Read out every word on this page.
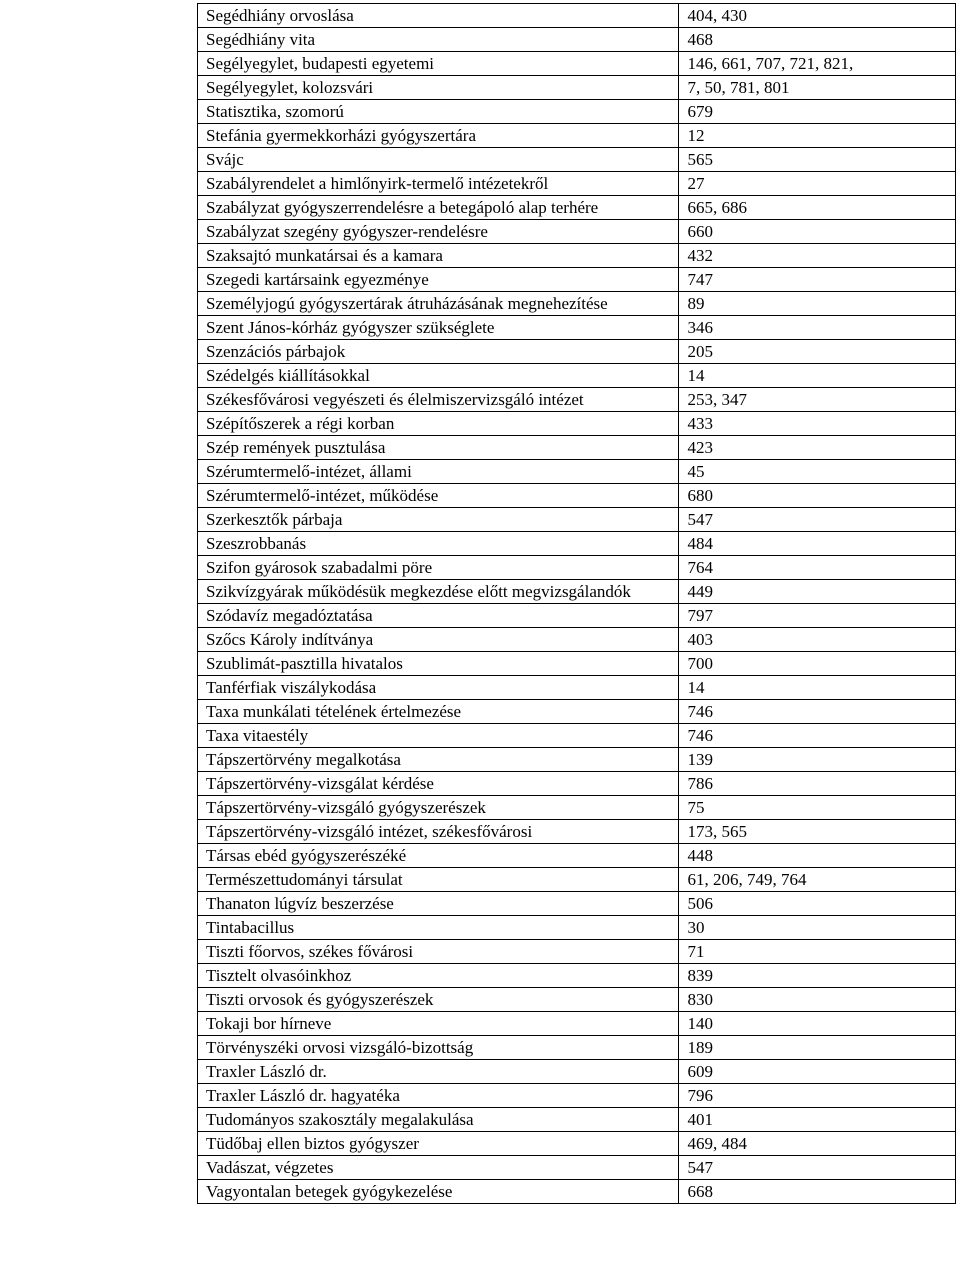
Segédhiány orvoslása	404, 430
Segédhiány vita	468
Segélyegylet, budapesti egyetemi	146, 661, 707, 721, 821,
Segélyegylet, kolozsvári	7, 50, 781, 801
Statisztika, szomorú	679
Stefánia gyermekkorházi gyógyszertára	12
Svájc	565
Szabályrendelet a himlőnyirk-termelő intézetekről	27
Szabályzat gyógyszerrendelésre a betegápoló alap terhére	665, 686
Szabályzat szegény gyógyszer-rendelésre	660
Szaksajtó munkatársai és a kamara	432
Szegedi kartársaink egyezménye	747
Személyjogú gyógyszertárak átruházásának megnehezítése	89
Szent János-kórház gyógyszer szükséglete	346
Szenzációs párbajok	205
Szédelgés kiállításokkal	14
Székesfővárosi vegyészeti és élelmiszervizsgáló intézet	253, 347
Szépítőszerek a régi korban	433
Szép remények pusztulása	423
Szérumtermelő-intézet, állami	45
Szérumtermelő-intézet, működése	680
Szerkesztők párbaja	547
Szeszrobbanás	484
Szifon gyárosok szabadalmi pöre	764
Szikvízgyárak működésük megkezdése előtt megvizsgálandók	449
Szódavíz megadóztatása	797
Szőcs Károly indítványa	403
Szublimát-pasztilla hivatalos	700
Tanférfiak viszálykodása	14
Taxa munkálati tételének értelmezése	746
Taxa vitaestély	746
Tápszertörvény megalkotása	139
Tápszertörvény-vizsgálat kérdése	786
Tápszertörvény-vizsgáló gyógyszerészek	75
Tápszertörvény-vizsgáló intézet, székesfővárosi	173, 565
Társas ebéd gyógyszerészéké	448
Természettudományi társulat	61, 206, 749, 764
Thanaton lúgvíz beszerzése	506
Tintabacillus	30
Tiszti főorvos, székes fővárosi	71
Tisztelt olvasóinkhoz	839
Tiszti orvosok és gyógyszerészek	830
Tokaji bor hírneve	140
Törvényszéki orvosi vizsgáló-bizottság	189
Traxler László dr.	609
Traxler László dr. hagyatéka	796
Tudományos szakosztály megalakulása	401
Tüdőbaj ellen biztos gyógyszer	469, 484
Vadászat, végzetes	547
Vagyontalan betegek gyógykezelése	668
